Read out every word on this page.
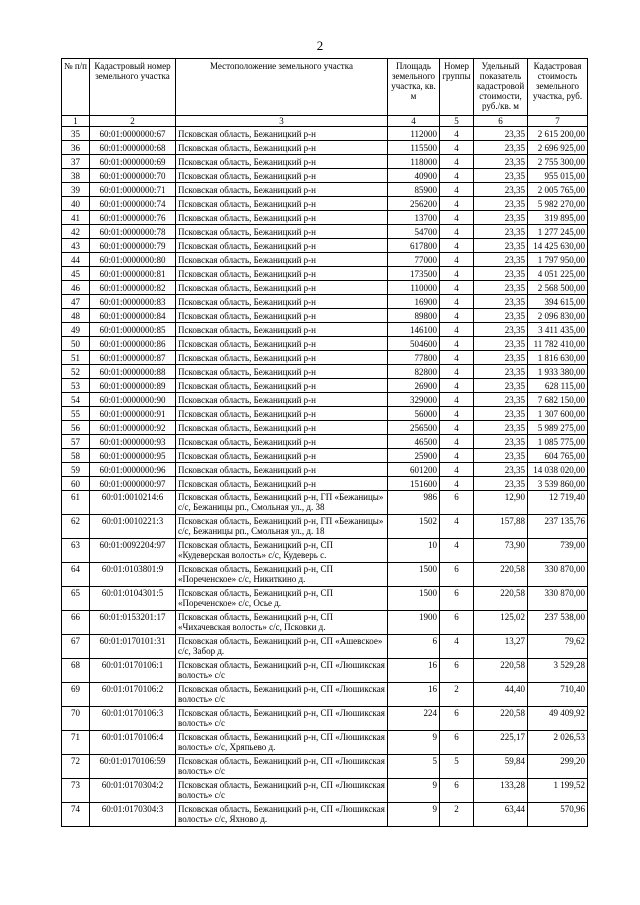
2
№ п/п	Кадастровый номер земельного участка	Местоположение земельного участка	Площадь земельного участка, кв. м	Номер группы	Удельный показатель кадастровой стоимости, руб./кв. м	Кадастровая стоимость земельного участка, руб.
1	2	3	4	5	6	7
35	60:01:0000000:67	Псковская область, Бежаницкий р-н	112000	4	23,35	2 615 200,00
36	60:01:0000000:68	Псковская область, Бежаницкий р-н	115500	4	23,35	2 696 925,00
37	60:01:0000000:69	Псковская область, Бежаницкий р-н	118000	4	23,35	2 755 300,00
38	60:01:0000000:70	Псковская область, Бежаницкий р-н	40900	4	23,35	955 015,00
39	60:01:0000000:71	Псковская область, Бежаницкий р-н	85900	4	23,35	2 005 765,00
40	60:01:0000000:74	Псковская область, Бежаницкий р-н	256200	4	23,35	5 982 270,00
41	60:01:0000000:76	Псковская область, Бежаницкий р-н	13700	4	23,35	319 895,00
42	60:01:0000000:78	Псковская область, Бежаницкий р-н	54700	4	23,35	1 277 245,00
43	60:01:0000000:79	Псковская область, Бежаницкий р-н	617800	4	23,35	14 425 630,00
44	60:01:0000000:80	Псковская область, Бежаницкий р-н	77000	4	23,35	1 797 950,00
45	60:01:0000000:81	Псковская область, Бежаницкий р-н	173500	4	23,35	4 051 225,00
46	60:01:0000000:82	Псковская область, Бежаницкий р-н	110000	4	23,35	2 568 500,00
47	60:01:0000000:83	Псковская область, Бежаницкий р-н	16900	4	23,35	394 615,00
48	60:01:0000000:84	Псковская область, Бежаницкий р-н	89800	4	23,35	2 096 830,00
49	60:01:0000000:85	Псковская область, Бежаницкий р-н	146100	4	23,35	3 411 435,00
50	60:01:0000000:86	Псковская область, Бежаницкий р-н	504600	4	23,35	11 782 410,00
51	60:01:0000000:87	Псковская область, Бежаницкий р-н	77800	4	23,35	1 816 630,00
52	60:01:0000000:88	Псковская область, Бежаницкий р-н	82800	4	23,35	1 933 380,00
53	60:01:0000000:89	Псковская область, Бежаницкий р-н	26900	4	23,35	628 115,00
54	60:01:0000000:90	Псковская область, Бежаницкий р-н	329000	4	23,35	7 682 150,00
55	60:01:0000000:91	Псковская область, Бежаницкий р-н	56000	4	23,35	1 307 600,00
56	60:01:0000000:92	Псковская область, Бежаницкий р-н	256500	4	23,35	5 989 275,00
57	60:01:0000000:93	Псковская область, Бежаницкий р-н	46500	4	23,35	1 085 775,00
58	60:01:0000000:95	Псковская область, Бежаницкий р-н	25900	4	23,35	604 765,00
59	60:01:0000000:96	Псковская область, Бежаницкий р-н	601200	4	23,35	14 038 020,00
60	60:01:0000000:97	Псковская область, Бежаницкий р-н	151600	4	23,35	3 539 860,00
61	60:01:0010214:6	Псковская область, Бежаницкий р-н, ГП «Бежаницы» с/с, Бежаницы рп., Смольная ул., д. 38	986	6	12,90	12 719,40
62	60:01:0010221:3	Псковская область, Бежаницкий р-н, ГП «Бежаницы» с/с, Бежаницы рп., Смольная ул., д. 18	1502	4	157,88	237 135,76
63	60:01:0092204:97	Псковская область, Бежаницкий р-н, СП «Кудеверская волость» с/с, Кудеверь с.	10	4	73,90	739,00
64	60:01:0103801:9	Псковская область, Бежаницкий р-н, СП «Пореченское» с/с, Никиткино д.	1500	6	220,58	330 870,00
65	60:01:0104301:5	Псковская область, Бежаницкий р-н, СП «Пореченское» с/с, Осье д.	1500	6	220,58	330 870,00
66	60:01:0153201:17	Псковская область, Бежаницкий р-н, СП «Чихачевская волость» с/с, Псковки д.	1900	6	125,02	237 538,00
67	60:01:0170101:31	Псковская область, Бежаницкий р-н, СП «Ашевское» с/с, Забор д.	6	4	13,27	79,62
68	60:01:0170106:1	Псковская область, Бежаницкий р-н, СП «Люшикская волость» с/с	16	6	220,58	3 529,28
69	60:01:0170106:2	Псковская область, Бежаницкий р-н, СП «Люшикская волость» с/с	16	2	44,40	710,40
70	60:01:0170106:3	Псковская область, Бежаницкий р-н, СП «Люшикская волость» с/с	224	6	220,58	49 409,92
71	60:01:0170106:4	Псковская область, Бежаницкий р-н, СП «Люшикская волость» с/с, Хряпьево д.	9	6	225,17	2 026,53
72	60:01:0170106:59	Псковская область, Бежаницкий р-н, СП «Люшикская волость» с/с	5	5	59,84	299,20
73	60:01:0170304:2	Псковская область, Бежаницкий р-н, СП «Люшикская волость» с/с	9	6	133,28	1 199,52
74	60:01:0170304:3	Псковская область, Бежаницкий р-н, СП «Люшикская волость» с/с, Яхново д.	9	2	63,44	570,96
